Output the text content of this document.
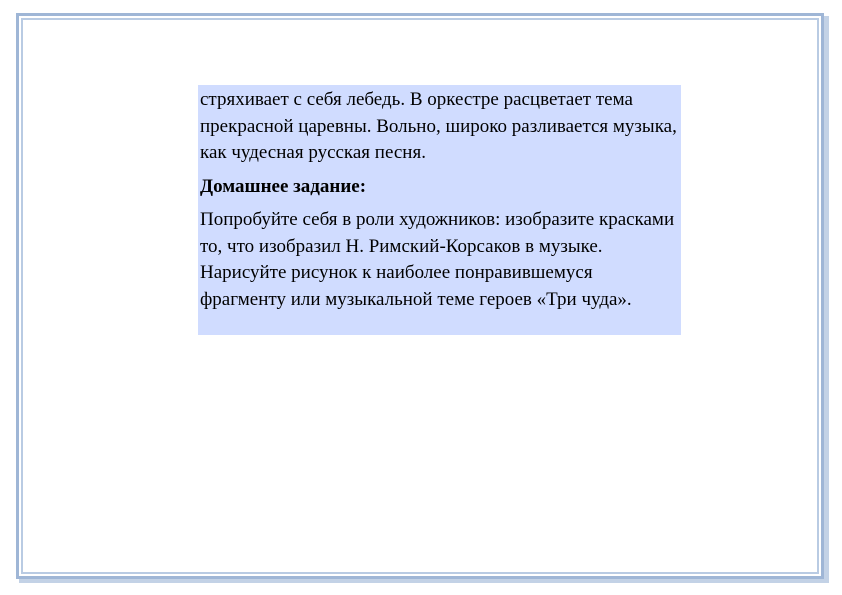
стряхивает с себя лебедь. В оркестре расцветает тема прекрасной царевны. Вольно, широко разливается музыка, как чудесная русская песня.

Домашнее задание:

Попробуйте себя в роли художников: изобразите красками то, что изобразил Н. Римский-Корсаков в музыке. Нарисуйте рисунок к наиболее понравившемуся фрагменту или музыкальной теме героев «Три чуда».
